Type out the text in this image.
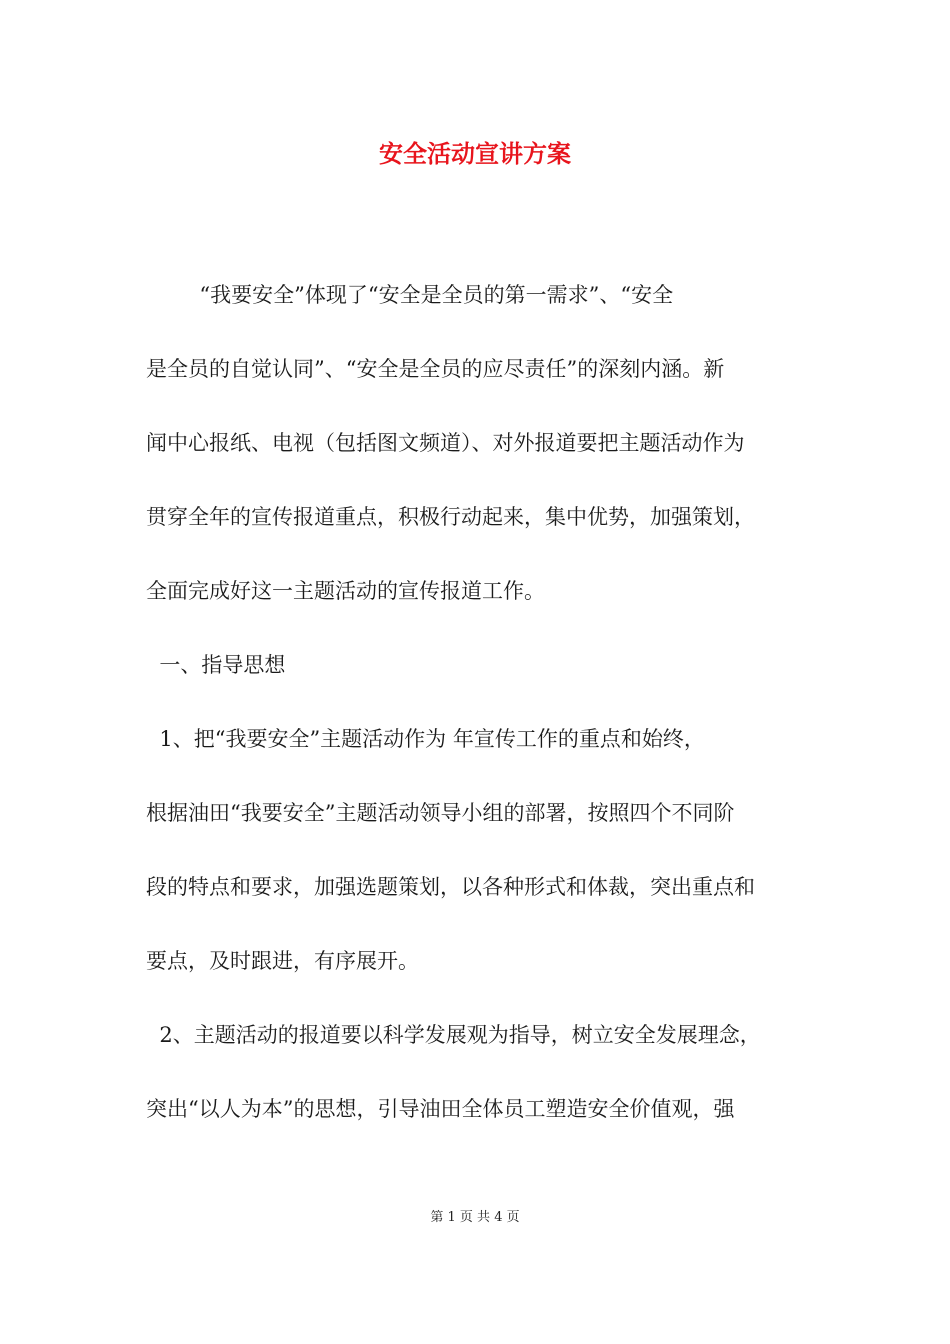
安全活动宣讲方案
“我要安全”体现了“安全是全员的第一需求”、“安全
是全员的自觉认同”、“安全是全员的应尽责任”的深刻内涵。新
闻中心报纸、电视（包括图文频道）、对外报道要把主题活动作为
贯穿全年的宣传报道重点，积极行动起来，集中优势，加强策划，
全面完成好这一主题活动的宣传报道工作。
一、指导思想
1、把“我要安全”主题活动作为 年宣传工作的重点和始终，
根据油田“我要安全”主题活动领导小组的部署，按照四个不同阶
段的特点和要求，加强选题策划，以各种形式和体裁，突出重点和
要点，及时跟进，有序展开。
2、主题活动的报道要以科学发展观为指导，树立安全发展理念，
突出“以人为本”的思想，引导油田全体员工塑造安全价值观，强
第 1 页 共 4 页
